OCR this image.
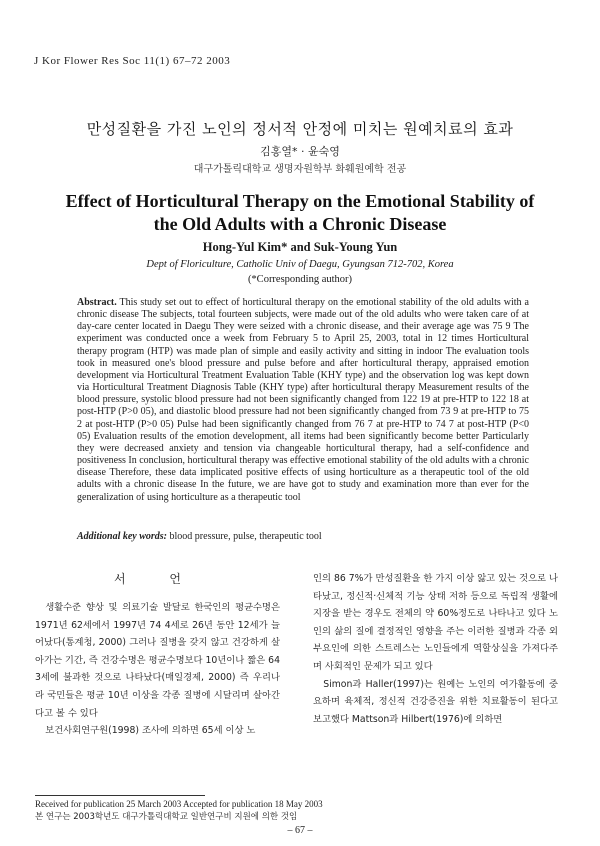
J Kor Flower Res Soc 11(1) 67–72 2003
만성질환을 가진 노인의 정서적 안정에 미치는 원예치료의 효과
김홍열* · 윤숙영
대구가톨릭대학교 생명자원학부 화훼원예학 전공
Effect of Horticultural Therapy on the Emotional Stability of the Old Adults with a Chronic Disease
Hong-Yul Kim* and Suk-Young Yun
Dept of Floriculture, Catholic Univ of Daegu, Gyungsan 712-702, Korea
(*Corresponding author)
Abstract. This study set out to effect of horticultural therapy on the emotional stability of the old adults with a chronic disease The subjects, total fourteen subjects, were made out of the old adults who were taken care of at day-care center located in Daegu They were seized with a chronic disease, and their average age was 75 9 The experiment was conducted once a week from February 5 to April 25, 2003, total in 12 times Horticultural therapy program (HTP) was made plan of simple and easily activity and sitting in indoor The evaluation tools took in measured one's blood pressure and pulse before and after horticultural therapy, appraised emotion development via Horticultural Treatment Evaluation Table (KHY type) and the observation log was kept down via Horticultural Treatment Diagnosis Table (KHY type) after horticultural therapy Measurement results of the blood pressure, systolic blood pressure had not been significantly changed from 122 19 at pre-HTP to 122 18 at post-HTP (P>0 05), and diastolic blood pressure had not been significantly changed from 73 9 at pre-HTP to 75 2 at post-HTP (P>0 05) Pulse had been significantly changed from 76 7 at pre-HTP to 74 7 at post-HTP (P<0 05) Evaluation results of the emotion development, all items had been significantly become better Particularly they were decreased anxiety and tension via changeable horticultural therapy, had a self-confidence and positiveness In conclusion, horticultural therapy was effective emotional stability of the old adults with a chronic disease Therefore, these data implicated positive effects of using horticulture as a therapeutic tool of the old adults with a chronic disease In the future, we are have got to study and examination more than ever for the generalization of using horticulture as a therapeutic tool
Additional key words: blood pressure, pulse, therapeutic tool
서 언

생활수준 향상 및 의료기술 발달로 한국인의 평균수명은 1971년 62세에서 1997년 74 4세로 26년 동안 12세가 늘어났다(통계청, 2000) 그러나 질병을 갖지 않고 건강하게 살아가는 기간, 즉 건강수명은 평균수명보다 10년이나 짧은 64 3세에 불과한 것으로 나타났다(매일경제, 2000) 즉 우리나라 국민들은 평균 10년 이상을 각종 질병에 시달리며 살아간다고 볼 수 있다

보건사회연구원(1998) 조사에 의하면 65세 이상 노

인의 86 7%가 만성질환을 한 가지 이상 앓고 있는 것으로 나타났고, 정신적·신체적 기능 상태 저하 등으로 독립적 생활에 지장을 받는 경우도 전체의 약 60%정도로 나타나고 있다 노인의 삶의 질에 결정적인 영향을 주는 이러한 질병과 각종 외부요인에 의한 스트레스는 노인들에게 역할상실을 가져다주며 사회적인 문제가 되고 있다

Simon과 Haller(1997)는 원예는 노인의 여가활동에 중요하며 육체적, 정신적 건강증진을 위한 치료활동이 된다고 보고했다 Mattson과 Hilbert(1976)에 의하면

Received for publication 25 March 2003 Accepted for publication 18 May 2003
본 연구는 2003학년도 대구가톨릭대학교 일반연구비 지원에 의한 것임
– 67 –
